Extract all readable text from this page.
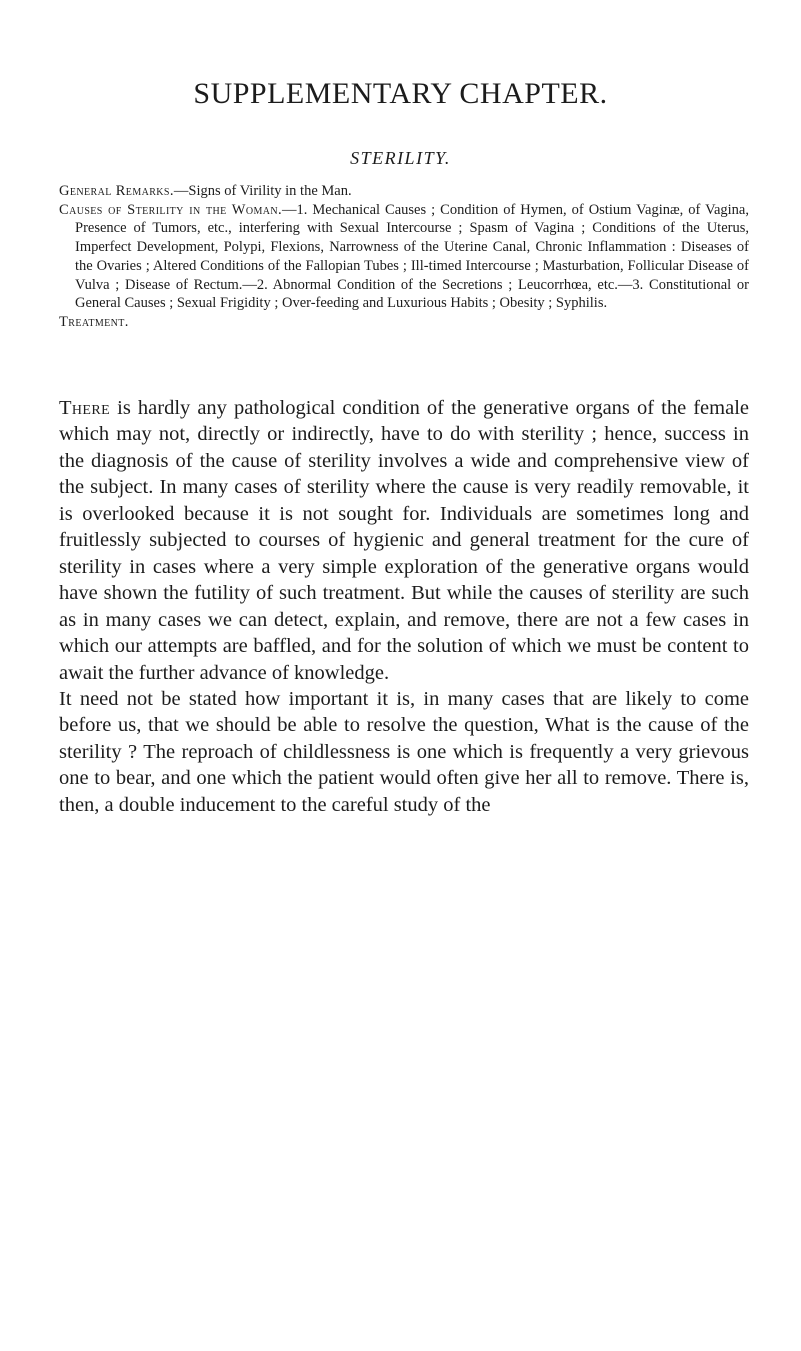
SUPPLEMENTARY CHAPTER.
STERILITY.

General Remarks.—Signs of Virility in the Man.

Causes of Sterility in the Woman.—1. Mechanical Causes ; Condition of Hymen, of Ostium Vaginæ, of Vagina, Presence of Tumors, etc., interfering with Sexual Intercourse ; Spasm of Vagina ; Conditions of the Uterus, Imperfect Development, Polypi, Flexions, Narrowness of the Uterine Canal, Chronic Inflammation : Diseases of the Ovaries ; Altered Conditions of the Fallopian Tubes ; Ill-timed Intercourse ; Masturbation, Follicular Disease of Vulva ; Disease of Rectum.—2. Abnormal Condition of the Secretions ; Leucorrhœa, etc.—3. Constitutional or General Causes ; Sexual Frigidity ; Over-feeding and Luxurious Habits ; Obesity ; Syphilis.

Treatment.

There is hardly any pathological condition of the generative organs of the female which may not, directly or indirectly, have to do with sterility ; hence, success in the diagnosis of the cause of sterility involves a wide and comprehensive view of the subject. In many cases of sterility where the cause is very readily removable, it is overlooked because it is not sought for. Individuals are sometimes long and fruitlessly subjected to courses of hygienic and general treatment for the cure of sterility in cases where a very simple exploration of the generative organs would have shown the futility of such treatment. But while the causes of sterility are such as in many cases we can detect, explain, and remove, there are not a few cases in which our attempts are baffled, and for the solution of which we must be content to await the further advance of knowledge.

It need not be stated how important it is, in many cases that are likely to come before us, that we should be able to resolve the question, What is the cause of the sterility ? The reproach of childlessness is one which is frequently a very grievous one to bear, and one which the patient would often give her all to remove. There is, then, a double inducement to the careful study of the
